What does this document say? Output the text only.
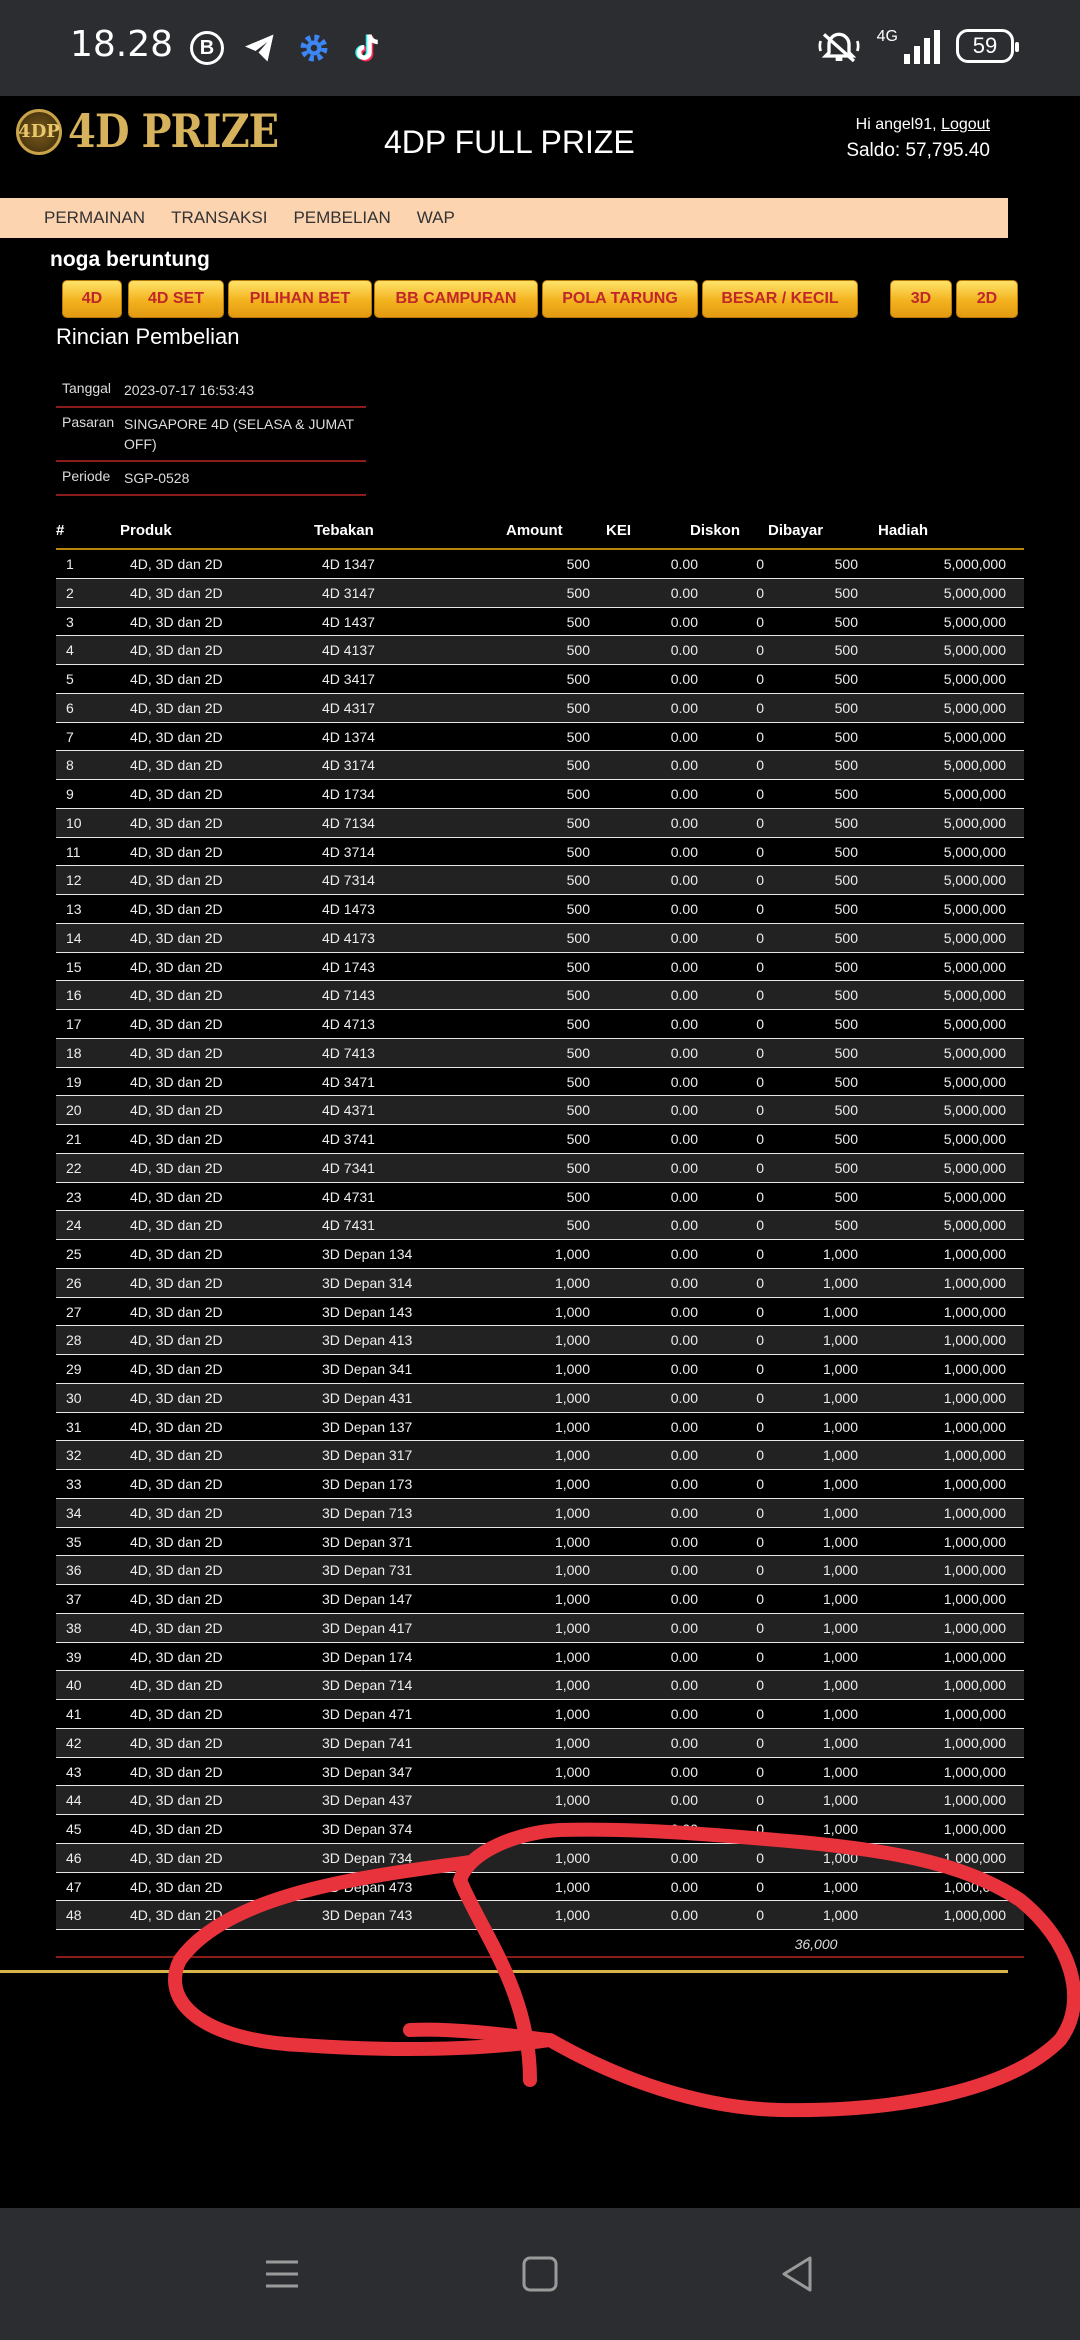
18.28	B	4G	59
4DP 4D PRIZE	4DP FULL PRIZE	Hi angel91, Logout
Saldo: 57,795.40
PERMAINAN TRANSAKSI PEMBELIAN WAP
noga beruntung
4D	4D SET	PILIHAN BET	BB CAMPURAN	POLA TARUNG	BESAR / KECIL	3D	2D
Rincian Pembelian
Tanggal 2023-07-17 16:53:43
Pasaran SINGAPORE 4D (SELASA & JUMAT OFF)
Periode SGP-0528
#	Produk	Tebakan	Amount	KEI	Diskon Dibayar	Hadiah
1	4D, 3D dan 2D	4D 1347	500	0.00	0	500	5,000,000
2	4D, 3D dan 2D	4D 3147	500	0.00	0	500	5,000,000
3	4D, 3D dan 2D	4D 1437	500	0.00	0	500	5,000,000
4	4D, 3D dan 2D	4D 4137	500	0.00	0	500	5,000,000
5	4D, 3D dan 2D	4D 3417	500	0.00	0	500	5,000,000
6	4D, 3D dan 2D	4D 4317	500	0.00	0	500	5,000,000
7	4D, 3D dan 2D	4D 1374	500	0.00	0	500	5,000,000
8	4D, 3D dan 2D	4D 3174	500	0.00	0	500	5,000,000
9	4D, 3D dan 2D	4D 1734	500	0.00	0	500	5,000,000
10	4D, 3D dan 2D	4D 7134	500	0.00	0	500	5,000,000
11	4D, 3D dan 2D	4D 3714	500	0.00	0	500	5,000,000
12	4D, 3D dan 2D	4D 7314	500	0.00	0	500	5,000,000
13	4D, 3D dan 2D	4D 1473	500	0.00	0	500	5,000,000
14	4D, 3D dan 2D	4D 4173	500	0.00	0	500	5,000,000
15	4D, 3D dan 2D	4D 1743	500	0.00	0	500	5,000,000
16	4D, 3D dan 2D	4D 7143	500	0.00	0	500	5,000,000
17	4D, 3D dan 2D	4D 4713	500	0.00	0	500	5,000,000
18	4D, 3D dan 2D	4D 7413	500	0.00	0	500	5,000,000
19	4D, 3D dan 2D	4D 3471	500	0.00	0	500	5,000,000
20	4D, 3D dan 2D	4D 4371	500	0.00	0	500	5,000,000
21	4D, 3D dan 2D	4D 3741	500	0.00	0	500	5,000,000
22	4D, 3D dan 2D	4D 7341	500	0.00	0	500	5,000,000
23	4D, 3D dan 2D	4D 4731	500	0.00	0	500	5,000,000
24	4D, 3D dan 2D	4D 7431	500	0.00	0	500	5,000,000
25	4D, 3D dan 2D	3D Depan 134	1,000	0.00	0	1,000	1,000,000
26	4D, 3D dan 2D	3D Depan 314	1,000	0.00	0	1,000	1,000,000
27	4D, 3D dan 2D	3D Depan 143	1,000	0.00	0	1,000	1,000,000
28	4D, 3D dan 2D	3D Depan 413	1,000	0.00	0	1,000	1,000,000
29	4D, 3D dan 2D	3D Depan 341	1,000	0.00	0	1,000	1,000,000
30	4D, 3D dan 2D	3D Depan 431	1,000	0.00	0	1,000	1,000,000
31	4D, 3D dan 2D	3D Depan 137	1,000	0.00	0	1,000	1,000,000
32	4D, 3D dan 2D	3D Depan 317	1,000	0.00	0	1,000	1,000,000
33	4D, 3D dan 2D	3D Depan 173	1,000	0.00	0	1,000	1,000,000
34	4D, 3D dan 2D	3D Depan 713	1,000	0.00	0	1,000	1,000,000
35	4D, 3D dan 2D	3D Depan 371	1,000	0.00	0	1,000	1,000,000
36	4D, 3D dan 2D	3D Depan 731	1,000	0.00	0	1,000	1,000,000
37	4D, 3D dan 2D	3D Depan 147	1,000	0.00	0	1,000	1,000,000
38	4D, 3D dan 2D	3D Depan 417	1,000	0.00	0	1,000	1,000,000
39	4D, 3D dan 2D	3D Depan 174	1,000	0.00	0	1,000	1,000,000
40	4D, 3D dan 2D	3D Depan 714	1,000	0.00	0	1,000	1,000,000
41	4D, 3D dan 2D	3D Depan 471	1,000	0.00	0	1,000	1,000,000
42	4D, 3D dan 2D	3D Depan 741	1,000	0.00	0	1,000	1,000,000
43	4D, 3D dan 2D	3D Depan 347	1,000	0.00	0	1,000	1,000,000
44	4D, 3D dan 2D	3D Depan 437	1,000	0.00	0	1,000	1,000,000
45	4D, 3D dan 2D	3D Depan 374	1,000	0.00	0	1,000	1,000,000
46	4D, 3D dan 2D	3D Depan 734	1,000	0.00	0	1,000	1,000,000
47	4D, 3D dan 2D	3D Depan 473	1,000	0.00	0	1,000	1,000,000
48	4D, 3D dan 2D	3D Depan 743	1,000	0.00	0	1,000	1,000,000
36,000
